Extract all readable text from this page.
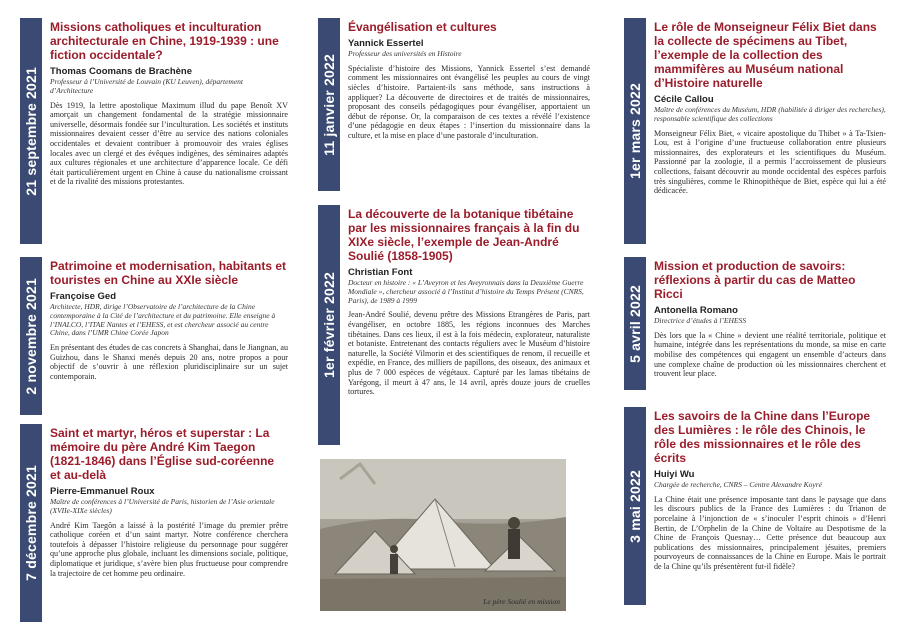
21 septembre 2021
Missions catholiques et inculturation architecturale en Chine, 1919-1939 : une fiction occidentale?
Thomas Coomans de Brachène
Professeur à l’Université de Louvain (KU Leuven), département d’Architecture

Dès 1919, la lettre apostolique Maximum illud du pape Benoît XV amorçait un changement fondamental de la stratégie missionnaire universelle, désormais fondée sur l’inculturation. Les sociétés et instituts missionnaires devaient cesser d’être au service des nations coloniales occidentales et devaient contribuer à promouvoir des vraies églises locales avec un clergé et des évêques indigènes, des séminaires adaptés aux cultures régionales et une architecture d’apparence locale. Ce défi était particulièrement urgent en Chine à cause du nationalisme croissant et de la rivalité des missions protestantes.

2 novembre 2021
Patrimoine et modernisation, habitants et touristes en Chine au XXIe siècle
Françoise Ged
Architecte, HDR, dirige l’Observatoire de l’architecture de la Chine contemporaine à la Cité de l’architecture et du patrimoine. Elle enseigne à l’INALCO, l’ITAE Nantes et l’EHESS, et est chercheur associé au centre Chine, dans l’UMR Chine Corée Japon

En présentant des études de cas concrets à Shanghai, dans le Jiangnan, au Guizhou, dans le Shanxi menés depuis 20 ans, notre propos a pour objectif de s’ouvrir à une réflexion pluridisciplinaire sur un sujet contemporain.

7 décembre 2021
Saint et martyr, héros et superstar : La mémoire du père André Kim Taegon (1821-1846) dans l’Église sud-coréenne et au-delà
Pierre-Emmanuel Roux
Maître de conférences à l’Université de Paris, historien de l’Asie orientale (XVIIe-XIXe siècles)

André Kim Taegŏn a laissé à la postérité l’image du premier prêtre catholique coréen et d’un saint martyr. Notre conférence cherchera toutefois à dépasser l’histoire religieuse du personnage pour suggérer qu’une approche plus globale, incluant les dimensions sociale, politique, diplomatique et juridique, s’avère bien plus fructueuse pour comprendre la trajectoire de cet homme peu ordinaire.

11 janvier 2022
Évangélisation et cultures
Yannick Essertel
Professeur des universités en Histoire

Spécialiste d’histoire des Missions, Yannick Essertel s’est demandé comment les missionnaires ont évangélisé les peuples au cours de vingt siècles d’histoire. Partaient-ils sans méthode, sans instructions à appliquer? La découverte de directoires et de traités de missionnaires, proposant des conseils pédagogiques pour évangéliser, apportaient un début de réponse. Or, la comparaison de ces textes a révélé l’existence d’une pédagogie en deux étapes : l’insertion du missionnaire dans la culture, et la mise en place d’une pastorale d’inculturation.

1er février 2022
La découverte de la botanique tibétaine par les missionnaires français à la fin du XIXe siècle, l’exemple de Jean-André Soulié (1858-1905)
Christian Font
Docteur en histoire : « L’Aveyron et les Aveyronnais dans la Deuxième Guerre Mondiale », chercheur associé à l’Institut d’histoire du Temps Présent (CNRS, Paris), de 1989 à 1999

Jean-André Soulié, devenu prêtre des Missions Etrangères de Paris, part évangéliser, en octobre 1885, les régions inconnues des Marches tibétaines. Dans ces lieux, il est à la fois médecin, explorateur, naturaliste et botaniste. Entretenant des contacts réguliers avec le Muséum d’histoire naturelle, la Société Vilmorin et des scientifiques de renom, il recueille et expédie, en France, des milliers de papillons, des oiseaux, des animaux et plus de 7 000 espèces de végétaux. Capturé par les lamas tibétains de Yarégong, il meurt à 47 ans, le 14 avril, après douze jours de cruelles tortures.

Le père Soulié en mission
1er mars 2022
Le rôle de Monseigneur Félix Biet dans la collecte de spécimens au Tibet, l’exemple de la collection des mammifères au Muséum national d’Histoire naturelle
Cécile Callou
Maître de conférences du Muséum, HDR (habilitée à diriger des recherches), responsable scientifique des collections

Monseigneur Félix Biet, « vicaire apostolique du Thibet » à Ta-Tsien-Lou, est à l’origine d’une fructueuse collaboration entre plusieurs missionnaires, des explorateurs et les scientifiques du Muséum. Passionné par la zoologie, il a permis l’accroissement de plusieurs collections, faisant découvrir au monde occidental des espèces parfois très singulières, comme le Rhinopithèque de Biet, espèce qui lui a été dédicacée.

5 avril 2022
Mission et production de savoirs: réflexions à partir du cas de Matteo Ricci
Antonella Romano
Directrice d’études à l’EHESS

Dès lors que la « Chine » devient une réalité territoriale, politique et humaine, intégrée dans les représentations du monde, sa mise en carte mobilise des compétences qui engagent un ensemble d’acteurs dans une complexe chaîne de production où les missionnaires cherchent et trouvent leur place.

3 mai 2022
Les savoirs de la Chine dans l’Europe des Lumières : le rôle des Chinois, le rôle des missionnaires et le rôle des écrits
Huiyi Wu
Chargée de recherche, CNRS – Centre Alexandre Koyré

La Chine était une présence imposante tant dans le paysage que dans les discours publics de la France des Lumières : du Trianon de porcelaine à l’injonction de « s’inoculer l’esprit chinois » d’Henri Bertin, de L’Orphelin de la Chine de Voltaire au Despotisme de la Chine de François Quesnay… Cette présence dut beaucoup aux publications des missionnaires, principalement jésuites, premiers pourvoyeurs de connaissances de la Chine en Europe. Mais le portrait de la Chine qu’ils présentèrent fut-il fidèle?
